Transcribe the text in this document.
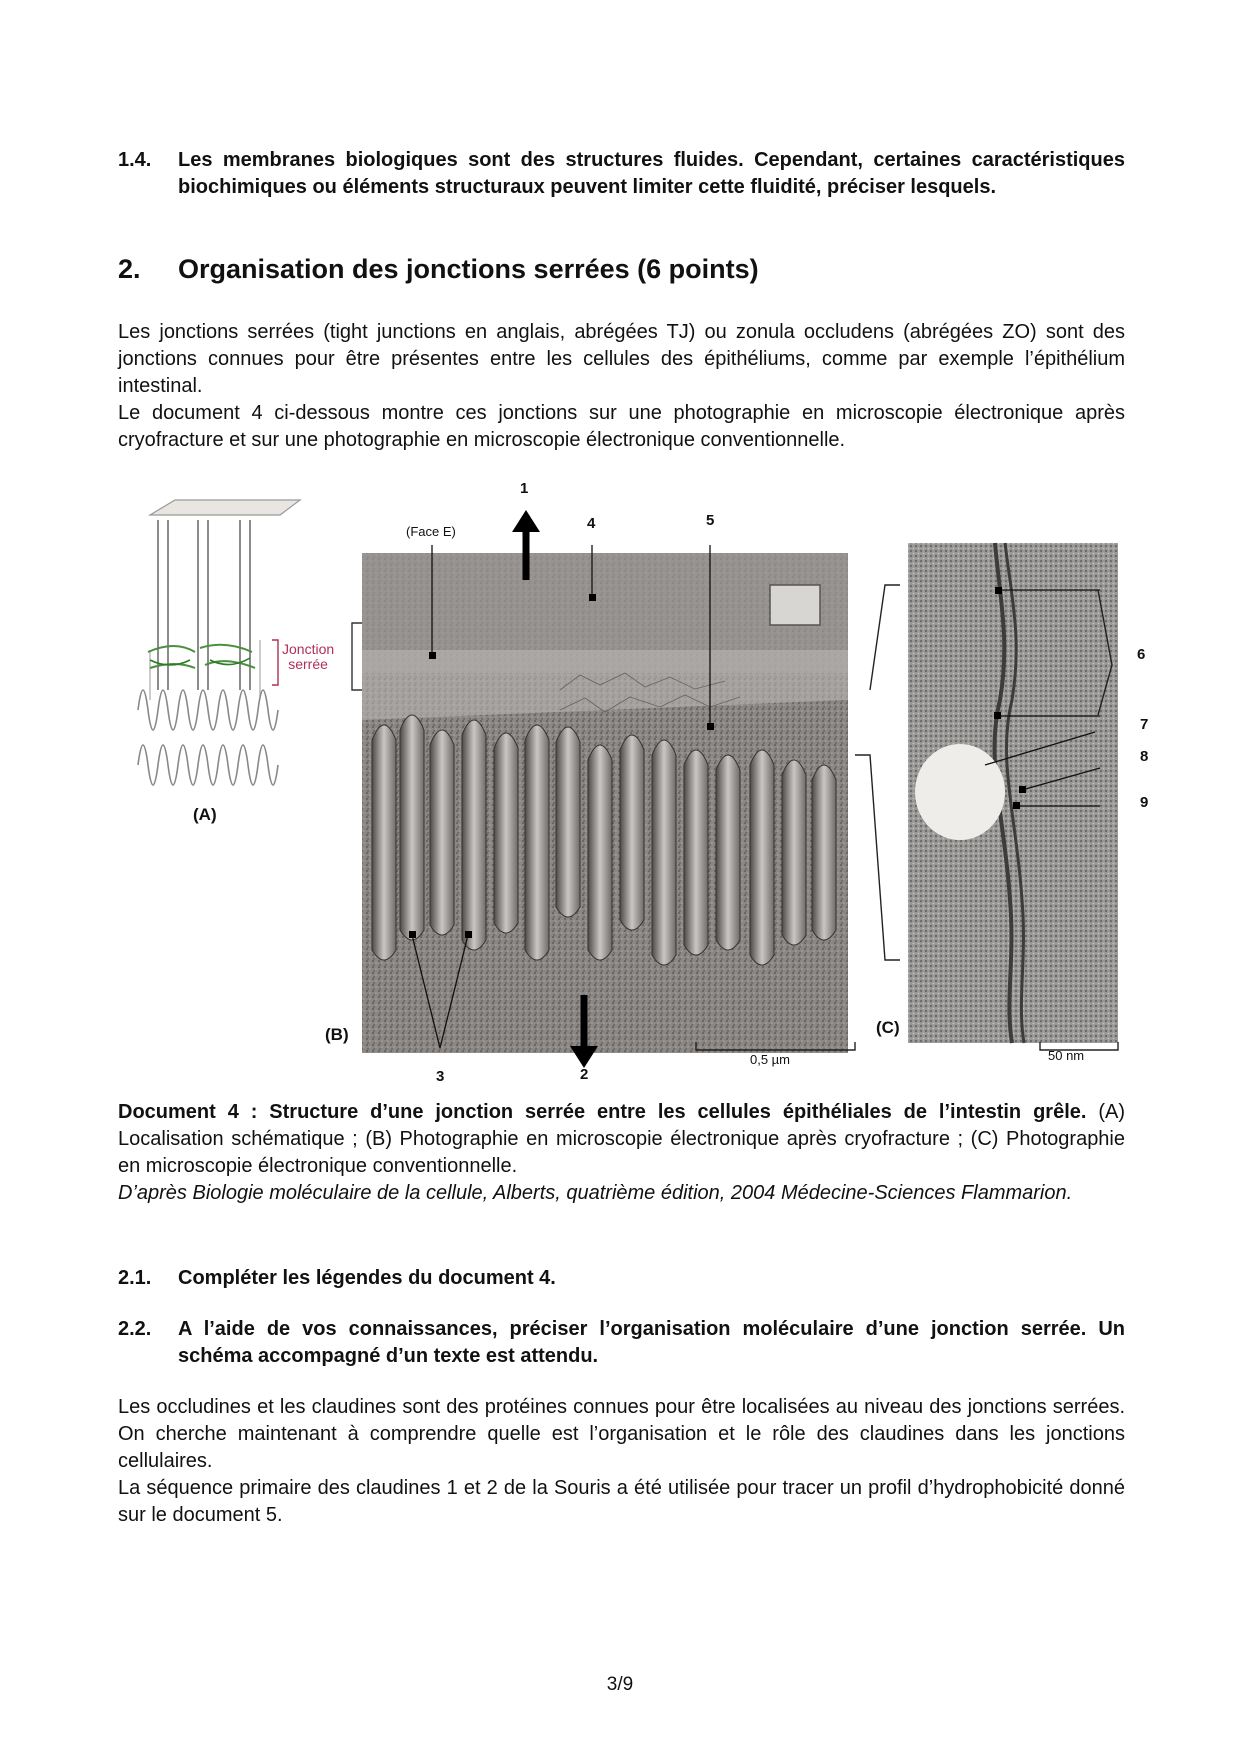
1.4. Les membranes biologiques sont des structures fluides. Cependant, certaines caractéristiques biochimiques ou éléments structuraux peuvent limiter cette fluidité, préciser lesquels.
2. Organisation des jonctions serrées (6 points)

Les jonctions serrées (tight junctions en anglais, abrégées TJ) ou zonula occludens (abrégées ZO) sont des jonctions connues pour être présentes entre les cellules des épithéliums, comme par exemple l’épithélium intestinal.

Le document 4 ci-dessous montre ces jonctions sur une photographie en microscopie électronique après cryofracture et sur une photographie en microscopie électronique conventionnelle.

(A)
(B)	(C)
Jonction
serrée
(Face E)
1
2
3
4	5
6
7
8
9
0,5 µm	50 nm

Document 4 : Structure d’une jonction serrée entre les cellules épithéliales de l’intestin grêle. (A) Localisation schématique ; (B) Photographie en microscopie électronique après cryofracture ; (C) Photographie en microscopie électronique conventionnelle.

D’après Biologie moléculaire de la cellule, Alberts, quatrième édition, 2004 Médecine-Sciences Flammarion.

2.1. Compléter les légendes du document 4.
2.2. A l’aide de vos connaissances, préciser l’organisation moléculaire d’une jonction serrée. Un schéma accompagné d’un texte est attendu.

Les occludines et les claudines sont des protéines connues pour être localisées au niveau des jonctions serrées. On cherche maintenant à comprendre quelle est l’organisation et le rôle des claudines dans les jonctions cellulaires.

La séquence primaire des claudines 1 et 2 de la Souris a été utilisée pour tracer un profil d’hydrophobicité donné sur le document 5.

3/9
